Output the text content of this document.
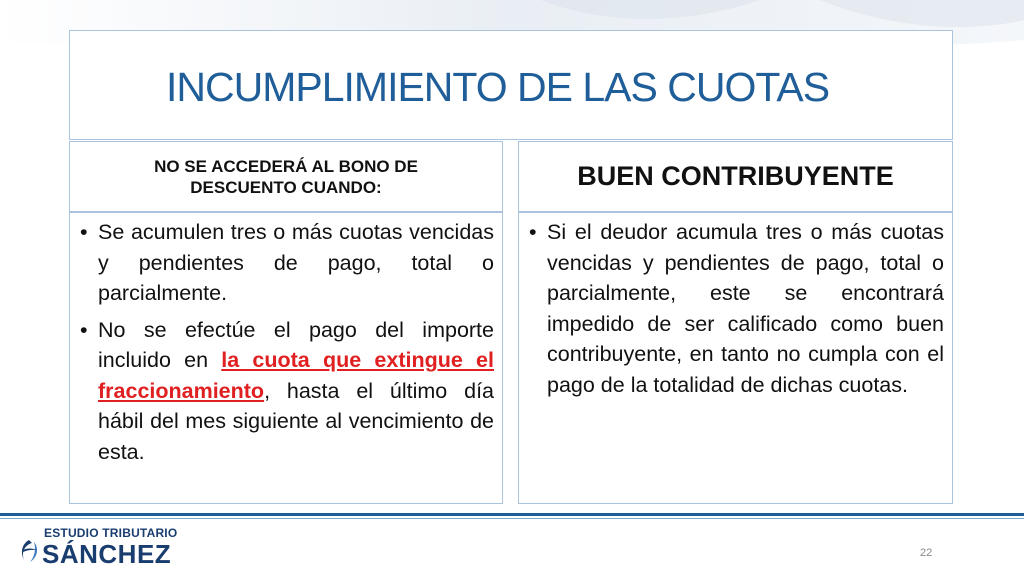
INCUMPLIMIENTO DE LAS CUOTAS
NO SE ACCEDERÁ AL BONO DE DESCUENTO CUANDO:	BUEN CONTRIBUYENTE
• Se acumulen tres o más cuotas vencidas y pendientes de pago, total o parcialmente.
• No se efectúe el pago del importe incluido en la cuota que extingue el fraccionamiento, hasta el último día hábil del mes siguiente al vencimiento de esta.
• Si el deudor acumula tres o más cuotas vencidas y pendientes de pago, total o parcialmente, este se encontrará impedido de ser calificado como buen contribuyente, en tanto no cumpla con el pago de la totalidad de dichas cuotas.
ESTUDIO TRIBUTARIO
SÁNCHEZ	22
